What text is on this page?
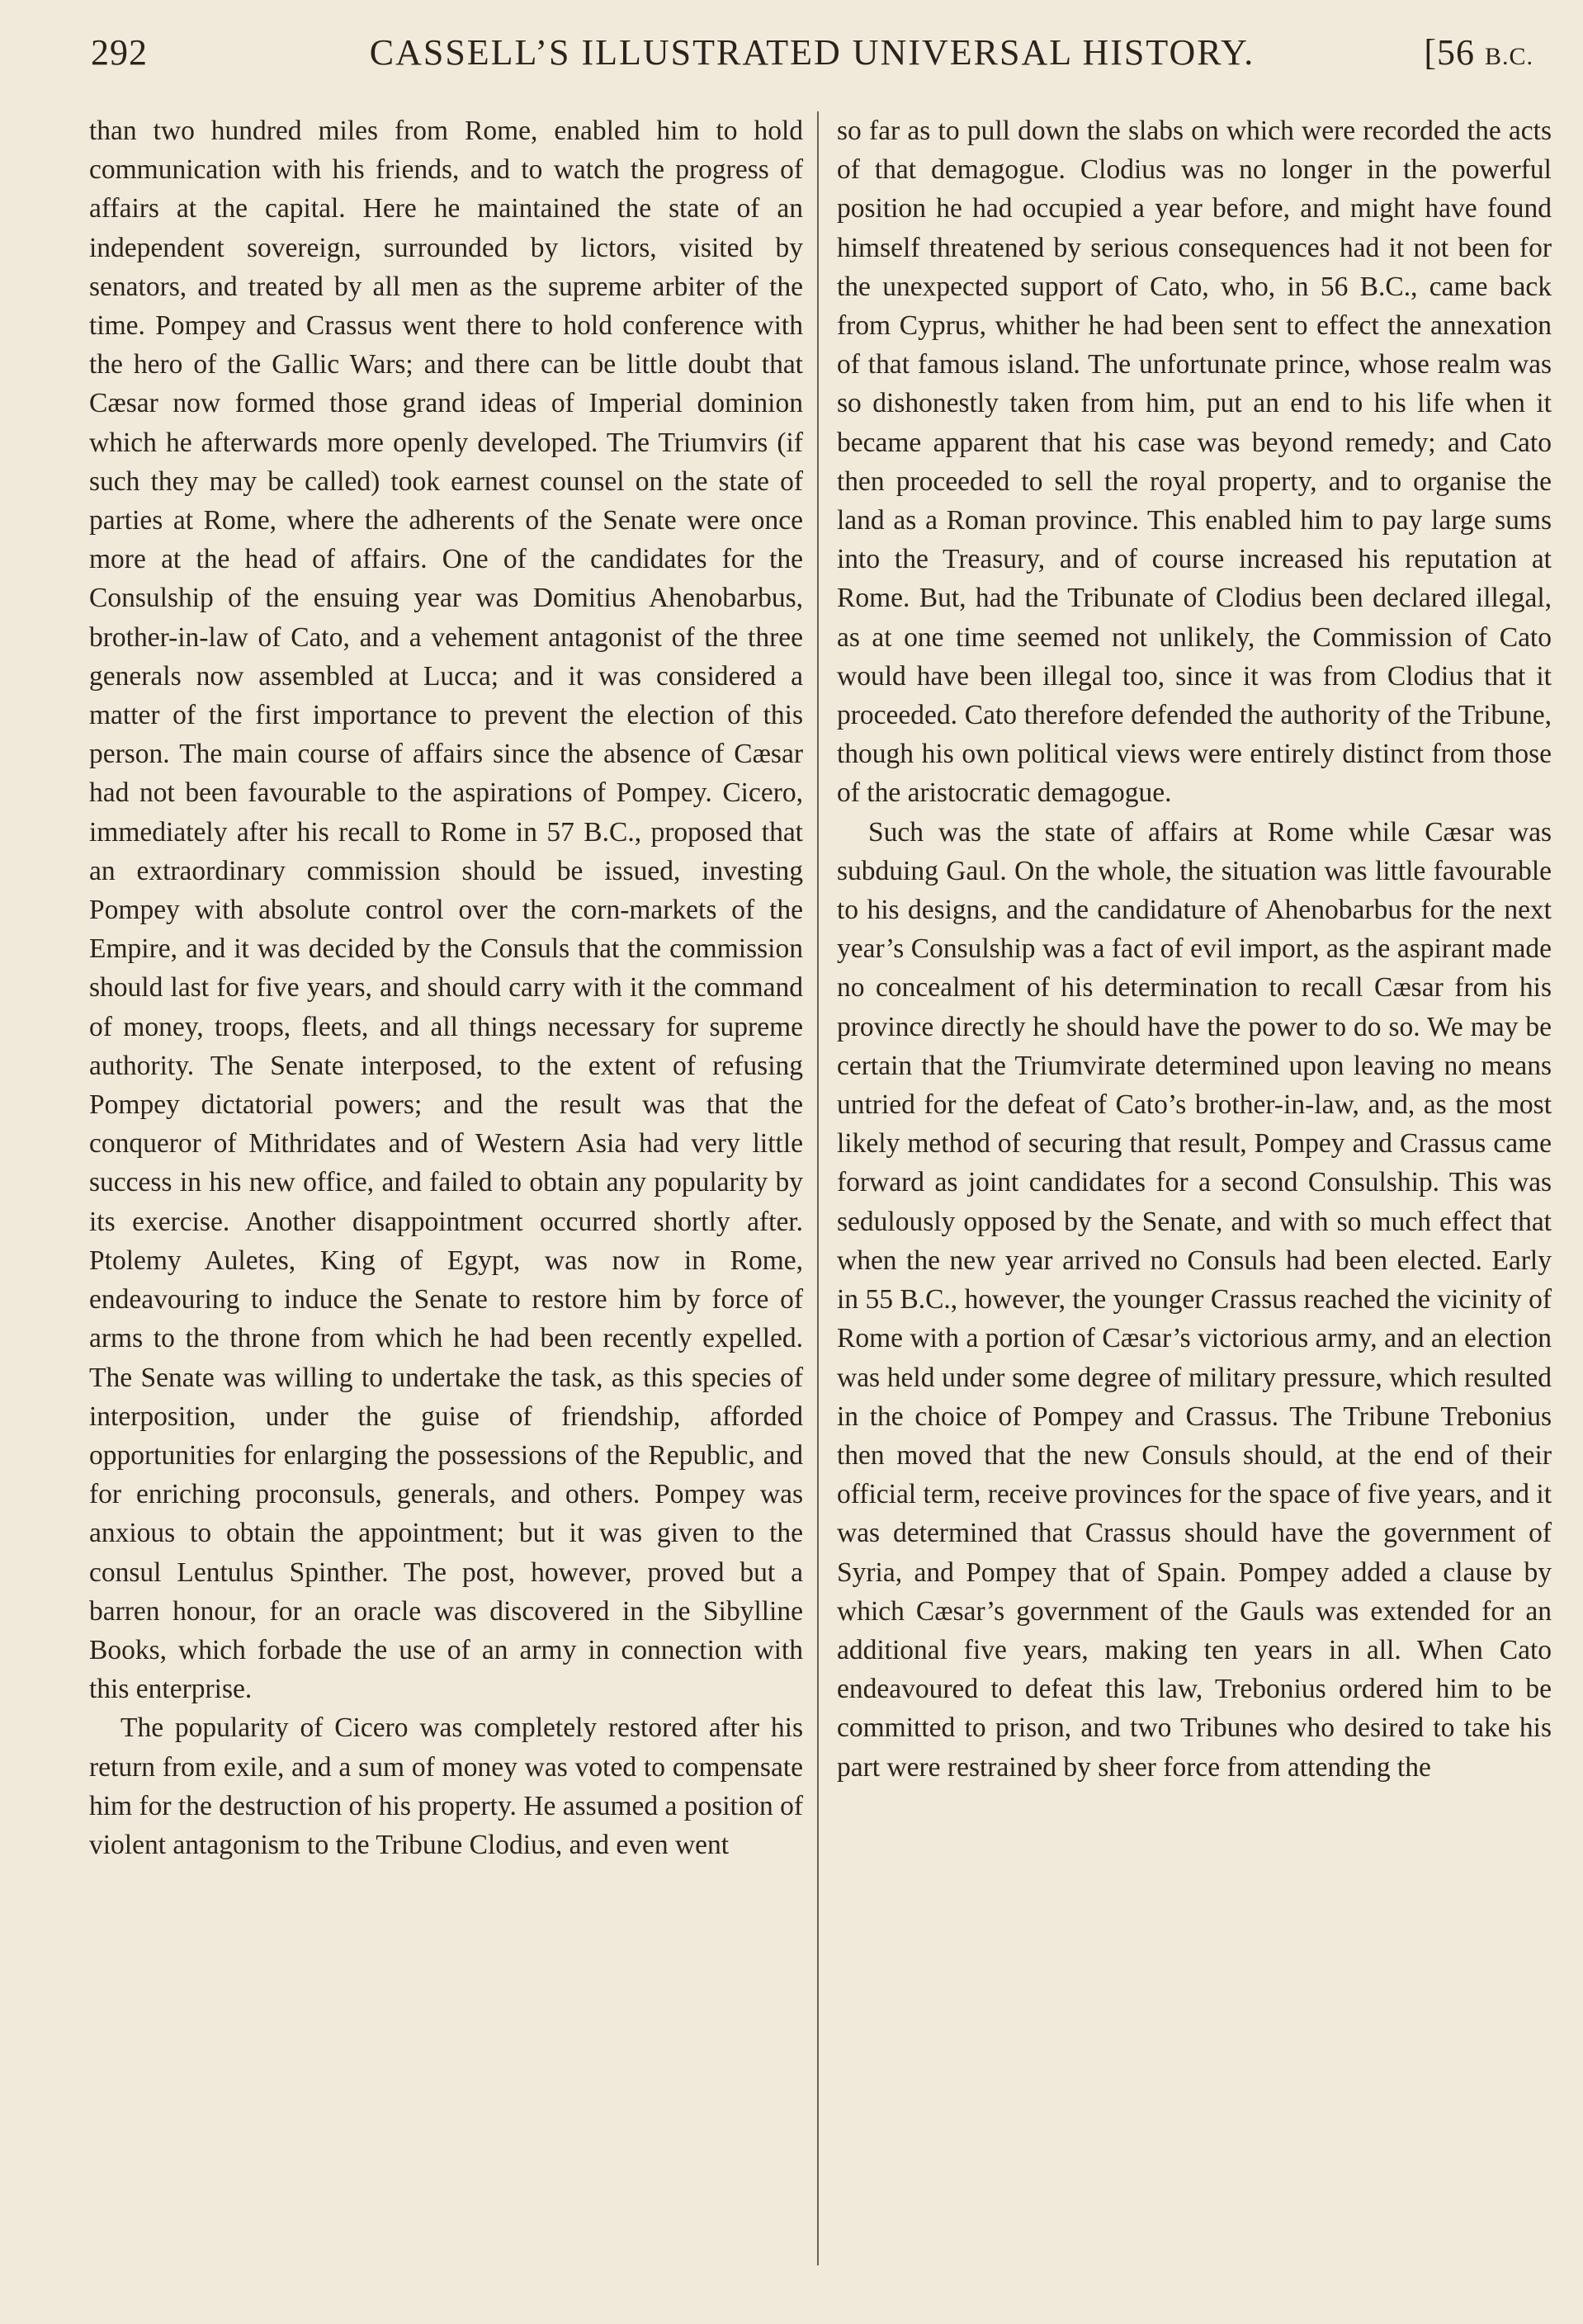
292	CASSELL’S ILLUSTRATED UNIVERSAL HISTORY.	[56 B.C.

than two hundred miles from Rome, enabled him to hold communication with his friends, and to watch the progress of affairs at the capital. Here he maintained the state of an independent sovereign, surrounded by lictors, visited by senators, and treated by all men as the supreme arbiter of the time. Pompey and Crassus went there to hold conference with the hero of the Gallic Wars; and there can be little doubt that Cæsar now formed those grand ideas of Imperial dominion which he afterwards more openly developed. The Triumvirs (if such they may be called) took earnest counsel on the state of parties at Rome, where the adherents of the Senate were once more at the head of affairs. One of the candidates for the Consulship of the ensuing year was Domitius Ahenobarbus, brother-in-law of Cato, and a vehement antagonist of the three generals now assembled at Lucca; and it was considered a matter of the first importance to prevent the election of this person. The main course of affairs since the absence of Cæsar had not been favourable to the aspirations of Pompey. Cicero, immediately after his recall to Rome in 57 B.C., proposed that an extraordinary commission should be issued, investing Pompey with absolute control over the corn-markets of the Empire, and it was decided by the Consuls that the commission should last for five years, and should carry with it the command of money, troops, fleets, and all things necessary for supreme authority. The Senate interposed, to the extent of refusing Pompey dictatorial powers; and the result was that the conqueror of Mithridates and of Western Asia had very little success in his new office, and failed to obtain any popularity by its exercise. Another disappointment occurred shortly after. Ptolemy Auletes, King of Egypt, was now in Rome, endeavouring to induce the Senate to restore him by force of arms to the throne from which he had been recently expelled. The Senate was willing to undertake the task, as this species of interposition, under the guise of friendship, afforded opportunities for enlarging the possessions of the Republic, and for enriching proconsuls, generals, and others. Pompey was anxious to obtain the appointment; but it was given to the consul Lentulus Spinther. The post, however, proved but a barren honour, for an oracle was discovered in the Sibylline Books, which forbade the use of an army in connection with this enterprise.

The popularity of Cicero was completely restored after his return from exile, and a sum of money was voted to compensate him for the destruction of his property. He assumed a position of violent antagonism to the Tribune Clodius, and even went

so far as to pull down the slabs on which were recorded the acts of that demagogue. Clodius was no longer in the powerful position he had occupied a year before, and might have found himself threatened by serious consequences had it not been for the unexpected support of Cato, who, in 56 B.C., came back from Cyprus, whither he had been sent to effect the annexation of that famous island. The unfortunate prince, whose realm was so dishonestly taken from him, put an end to his life when it became apparent that his case was beyond remedy; and Cato then proceeded to sell the royal property, and to organise the land as a Roman province. This enabled him to pay large sums into the Treasury, and of course increased his reputation at Rome. But, had the Tribunate of Clodius been declared illegal, as at one time seemed not unlikely, the Commission of Cato would have been illegal too, since it was from Clodius that it proceeded. Cato therefore defended the authority of the Tribune, though his own political views were entirely distinct from those of the aristocratic demagogue.

Such was the state of affairs at Rome while Cæsar was subduing Gaul. On the whole, the situation was little favourable to his designs, and the candidature of Ahenobarbus for the next year’s Consulship was a fact of evil import, as the aspirant made no concealment of his determination to recall Cæsar from his province directly he should have the power to do so. We may be certain that the Triumvirate determined upon leaving no means untried for the defeat of Cato’s brother-in-law, and, as the most likely method of securing that result, Pompey and Crassus came forward as joint candidates for a second Consulship. This was sedulously opposed by the Senate, and with so much effect that when the new year arrived no Consuls had been elected. Early in 55 B.C., however, the younger Crassus reached the vicinity of Rome with a portion of Cæsar’s victorious army, and an election was held under some degree of military pressure, which resulted in the choice of Pompey and Crassus. The Tribune Trebonius then moved that the new Consuls should, at the end of their official term, receive provinces for the space of five years, and it was determined that Crassus should have the government of Syria, and Pompey that of Spain. Pompey added a clause by which Cæsar’s government of the Gauls was extended for an additional five years, making ten years in all. When Cato endeavoured to defeat this law, Trebonius ordered him to be committed to prison, and two Tribunes who desired to take his part were restrained by sheer force from attending the
